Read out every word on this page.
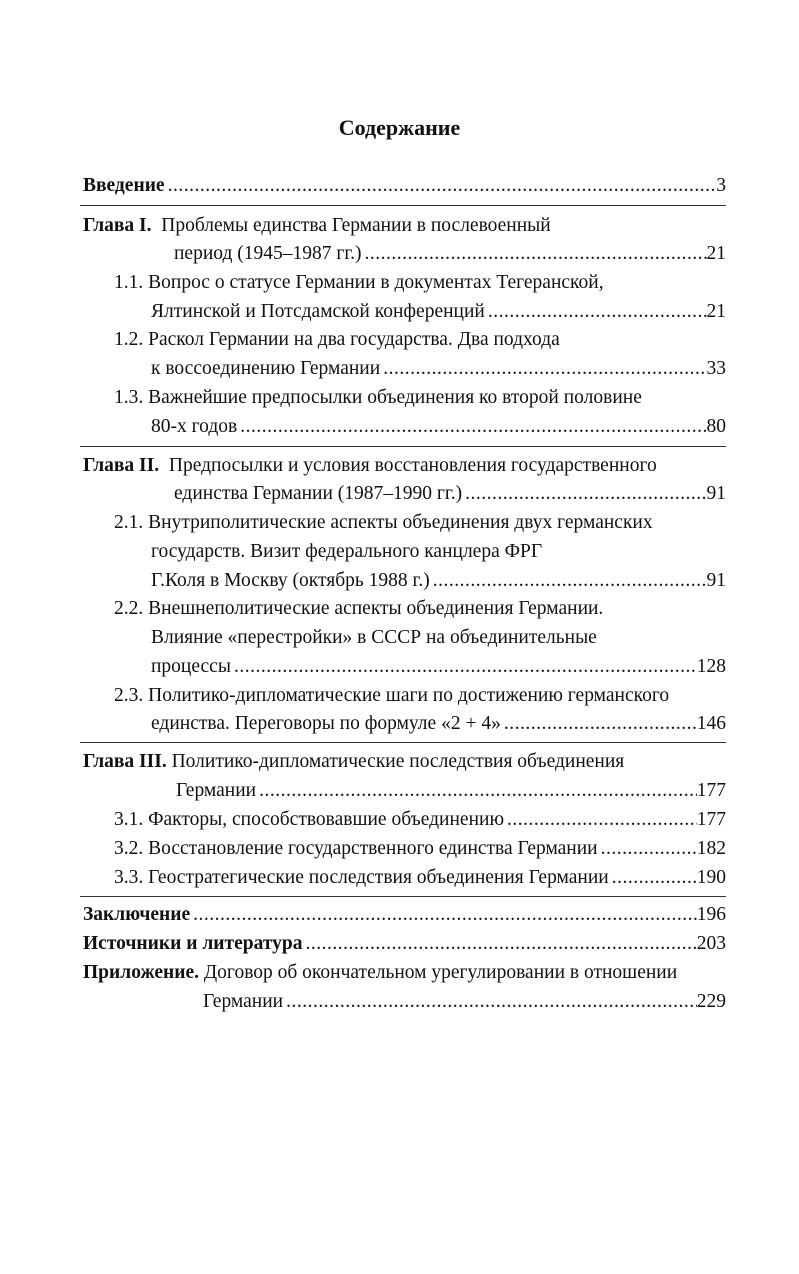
Содержание
Введение .....	3
Глава I. Проблемы единства Германии в послевоенный
период (1945–1987 гг.) .....	21
1.1. Вопрос о статусе Германии в документах Тегеранской,
Ялтинской и Потсдамской конференций .....	21
1.2. Раскол Германии на два государства. Два подхода
к воссоединению Германии .....	33
1.3. Важнейшие предпосылки объединения ко второй половине
80-х годов .....	80
Глава II. Предпосылки и условия восстановления государственного
единства Германии (1987–1990 гг.) .....	91
2.1. Внутриполитические аспекты объединения двух германских
государств. Визит федерального канцлера ФРГ
Г.Коля в Москву (октябрь 1988 г.) .....	91
2.2. Внешнеполитические аспекты объединения Германии.
Влияние «перестройки» в СССР на объединительные
процессы .....	128
2.3. Политико-дипломатические шаги по достижению германского
единства. Переговоры по формуле «2 + 4» .....	146
Глава III. Политико-дипломатические последствия объединения
Германии .....	177
3.1. Факторы, способствовавшие объединению .....	177
3.2. Восстановление государственного единства Германии .....	182
3.3. Геостратегические последствия объединения Германии .....	190
Заключение .....	196
Источники и литература .....	203
Приложение. Договор об окончательном урегулировании в отношении
Германии .....	229
